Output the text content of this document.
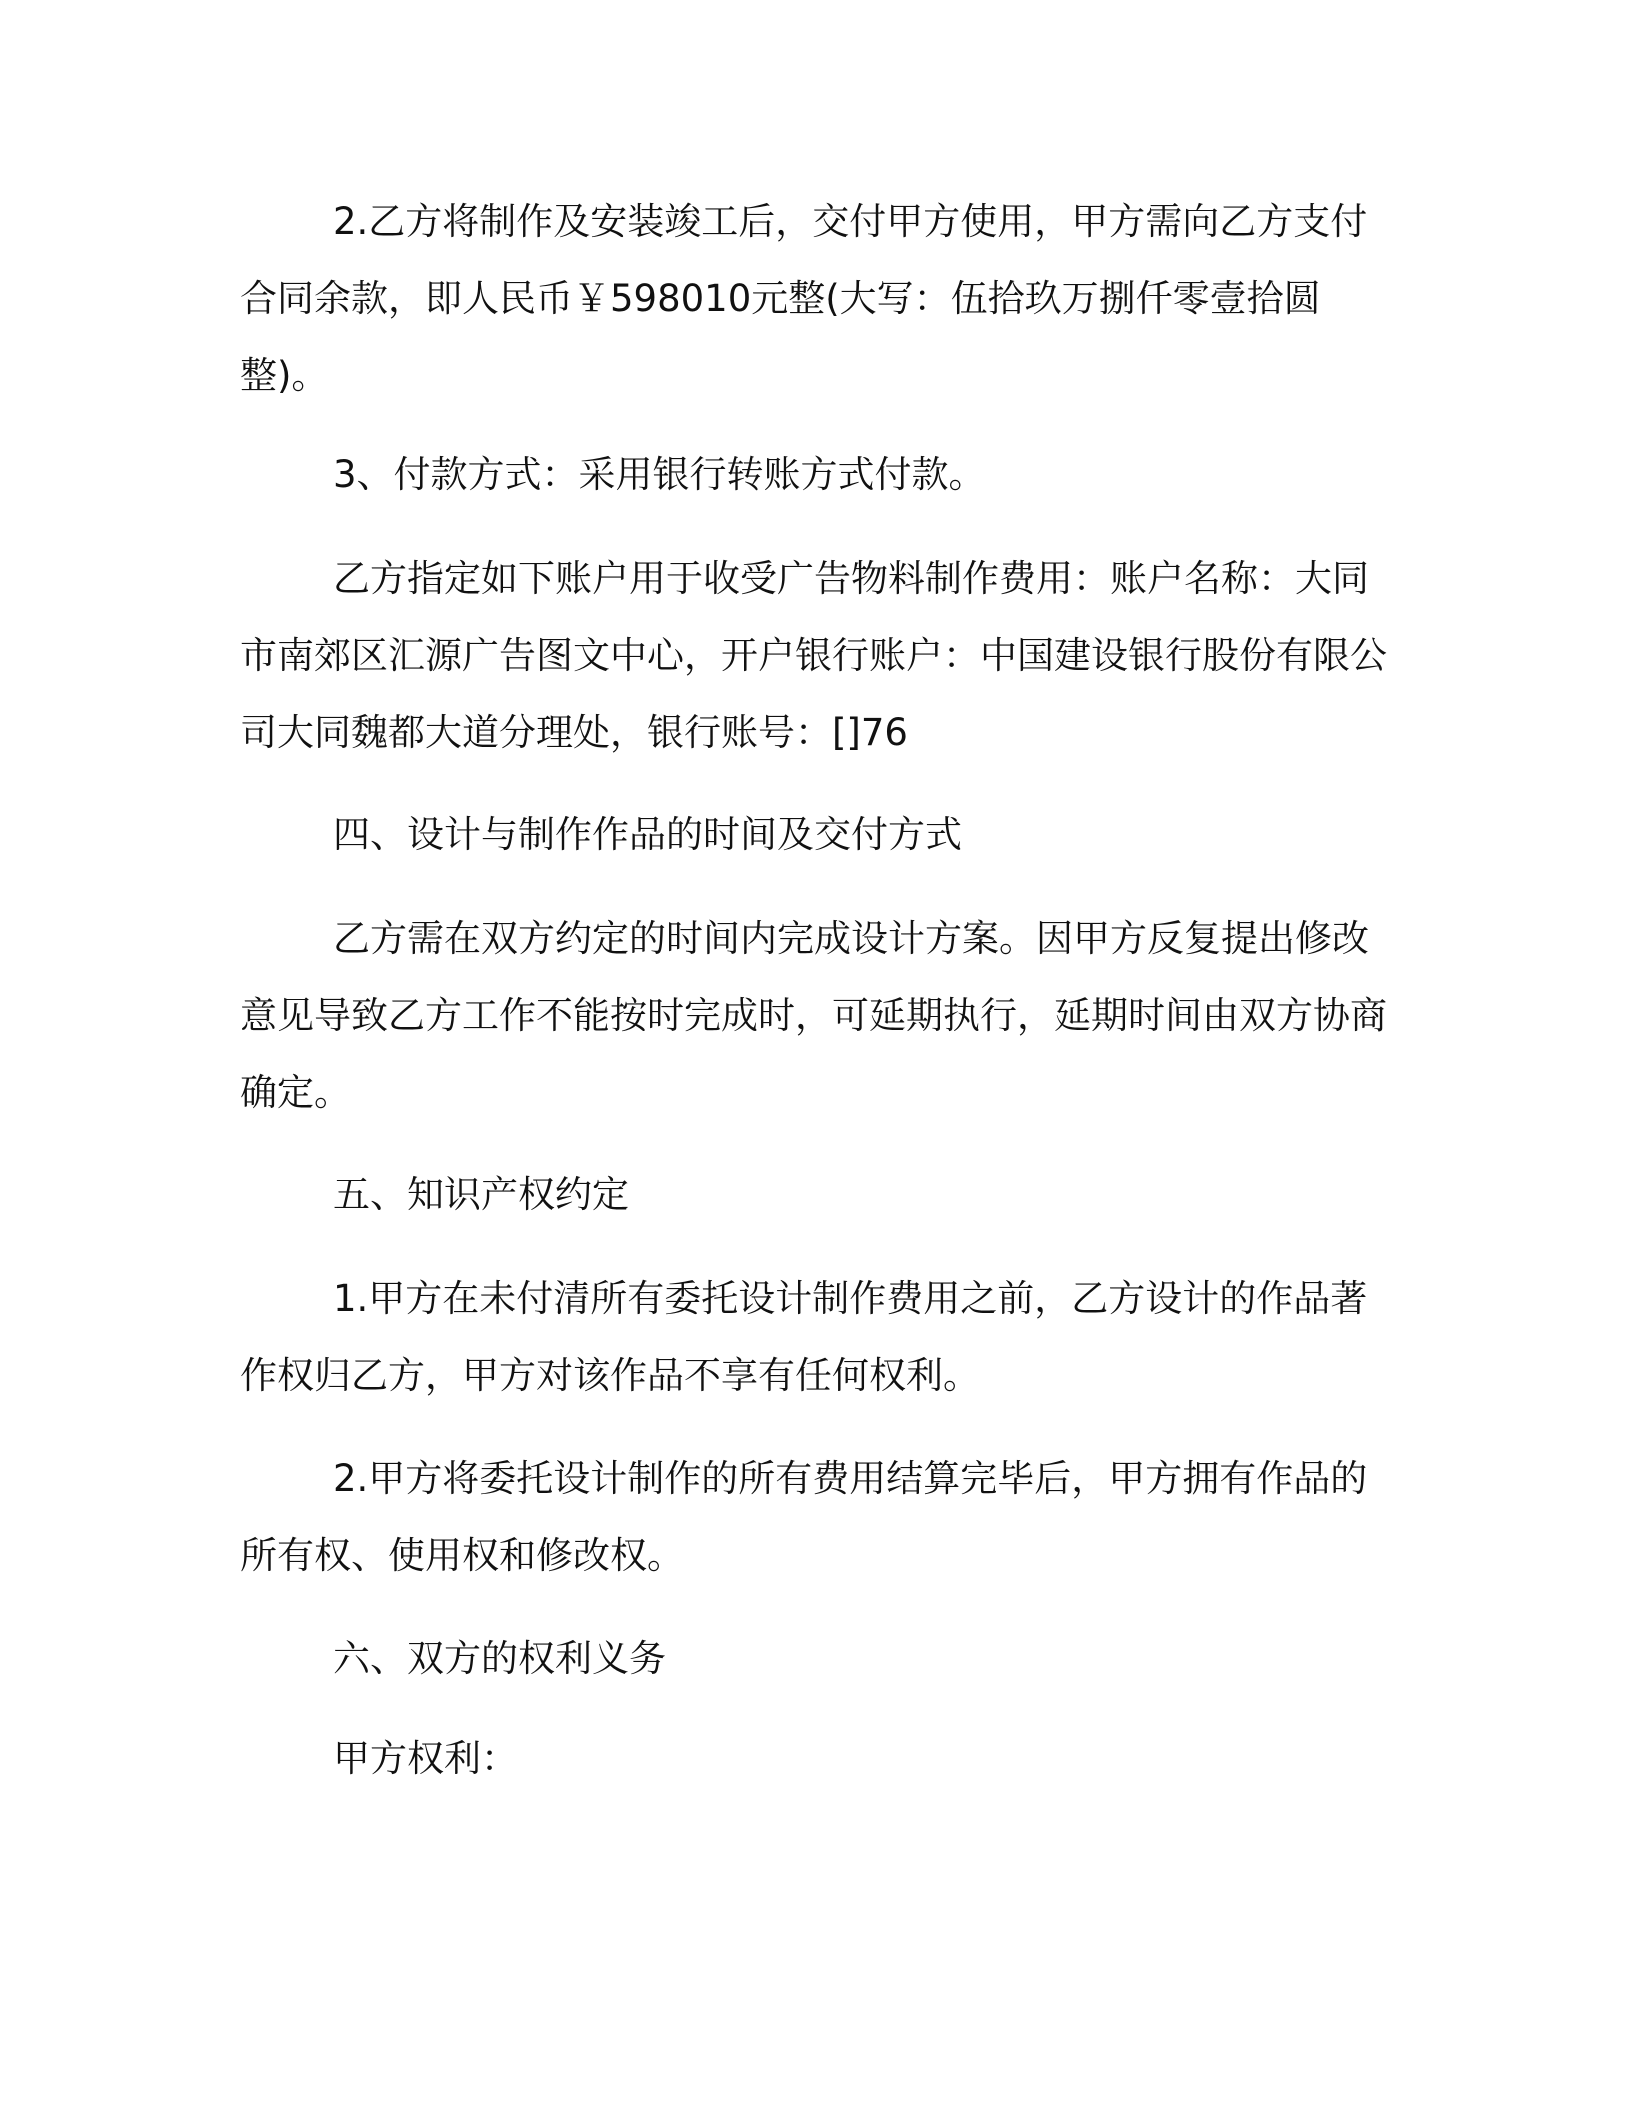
2.乙方将制作及安装竣工后，交付甲方使用，甲方需向乙方支付合同余款，即人民币￥598010元整(大写：伍拾玖万捌仟零壹拾圆整)。

3、付款方式：采用银行转账方式付款。

乙方指定如下账户用于收受广告物料制作费用：账户名称：大同市南郊区汇源广告图文中心，开户银行账户：中国建设银行股份有限公司大同魏都大道分理处，银行账号：[]76

四、设计与制作作品的时间及交付方式

乙方需在双方约定的时间内完成设计方案。因甲方反复提出修改意见导致乙方工作不能按时完成时，可延期执行，延期时间由双方协商确定。

五、知识产权约定

1.甲方在未付清所有委托设计制作费用之前，乙方设计的作品著作权归乙方，甲方对该作品不享有任何权利。

2.甲方将委托设计制作的所有费用结算完毕后，甲方拥有作品的所有权、使用权和修改权。

六、双方的权利义务

甲方权利：
